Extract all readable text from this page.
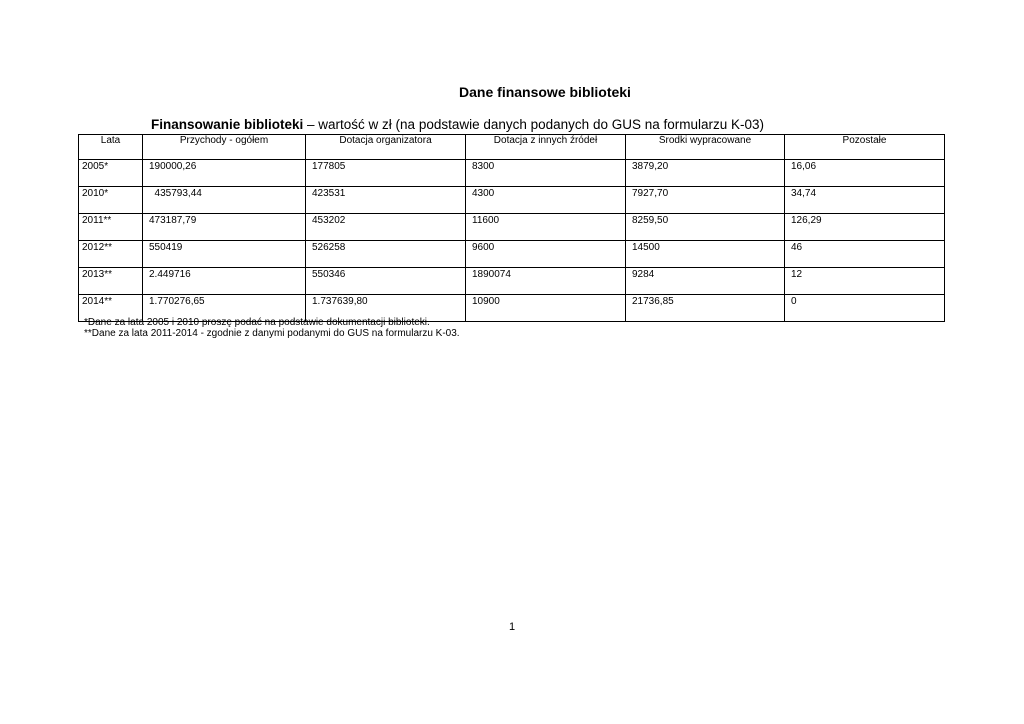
Dane finansowe biblioteki
Finansowanie biblioteki – wartość w zł (na podstawie danych podanych do GUS na formularzu K-03)
Lata	Przychody - ogółem	Dotacja organizatora	Dotacja z innych źródeł	Środki wypracowane	Pozostałe
2005*	190000,26	177805	8300	3879,20	16,06
2010*	435793,44	423531	4300	7927,70	34,74
2011**	473187,79	453202	11600	8259,50	126,29
2012**	550419	526258	9600	14500	46
2013**	2.449716	550346	1890074	9284	12
2014**	1.770276,65	1.737639,80	10900	21736,85	0
*Dane za lata 2005 i 2010 proszę podać na podstawie dokumentacji biblioteki.
**Dane za lata 2011-2014 - zgodnie z danymi podanymi do GUS na formularzu K-03.
1
